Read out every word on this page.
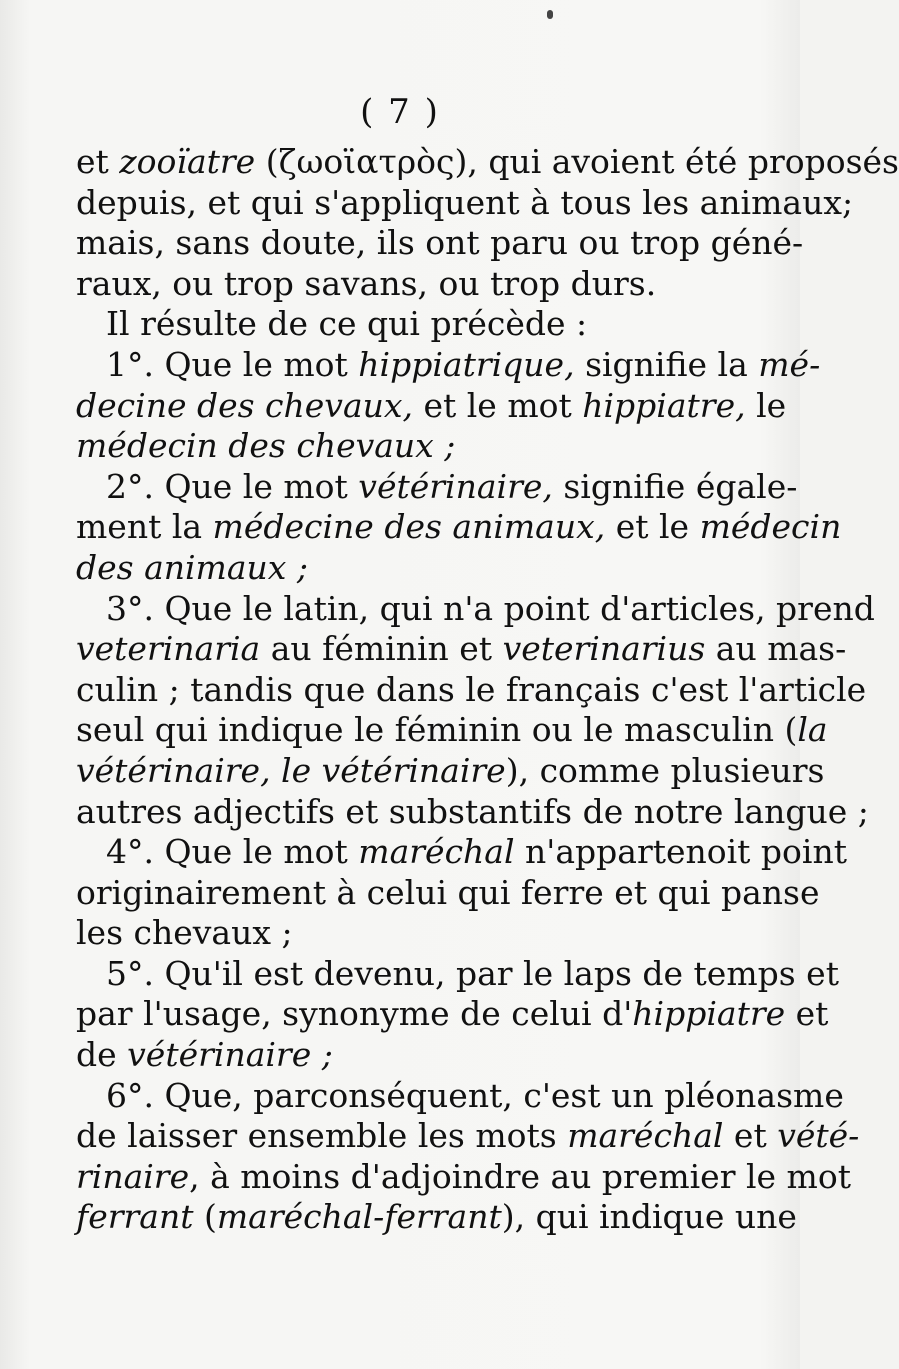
( 7 )
et zooïatre (ζωοϊατρὸς), qui avoient été proposés
depuis, et qui s'appliquent à tous les animaux;
mais, sans doute, ils ont paru ou trop géné-
raux, ou trop savans, ou trop durs.
Il résulte de ce qui précède :
1°. Que le mot hippiatrique, signifie la mé-
decine des chevaux, et le mot hippiatre, le
médecin des chevaux ;
2°. Que le mot vétérinaire, signifie égale-
ment la médecine des animaux, et le médecin
des animaux ;
3°. Que le latin, qui n'a point d'articles, prend
veterinaria au féminin et veterinarius au mas-
culin ; tandis que dans le français c'est l'article
seul qui indique le féminin ou le masculin (la
vétérinaire, le vétérinaire), comme plusieurs
autres adjectifs et substantifs de notre langue ;
4°. Que le mot maréchal n'appartenoit point
originairement à celui qui ferre et qui panse
les chevaux ;
5°. Qu'il est devenu, par le laps de temps et
par l'usage, synonyme de celui d'hippiatre et
de vétérinaire ;
6°. Que, parconséquent, c'est un pléonasme
de laisser ensemble les mots maréchal et vété-
rinaire, à moins d'adjoindre au premier le mot
ferrant (maréchal-ferrant), qui indique une
